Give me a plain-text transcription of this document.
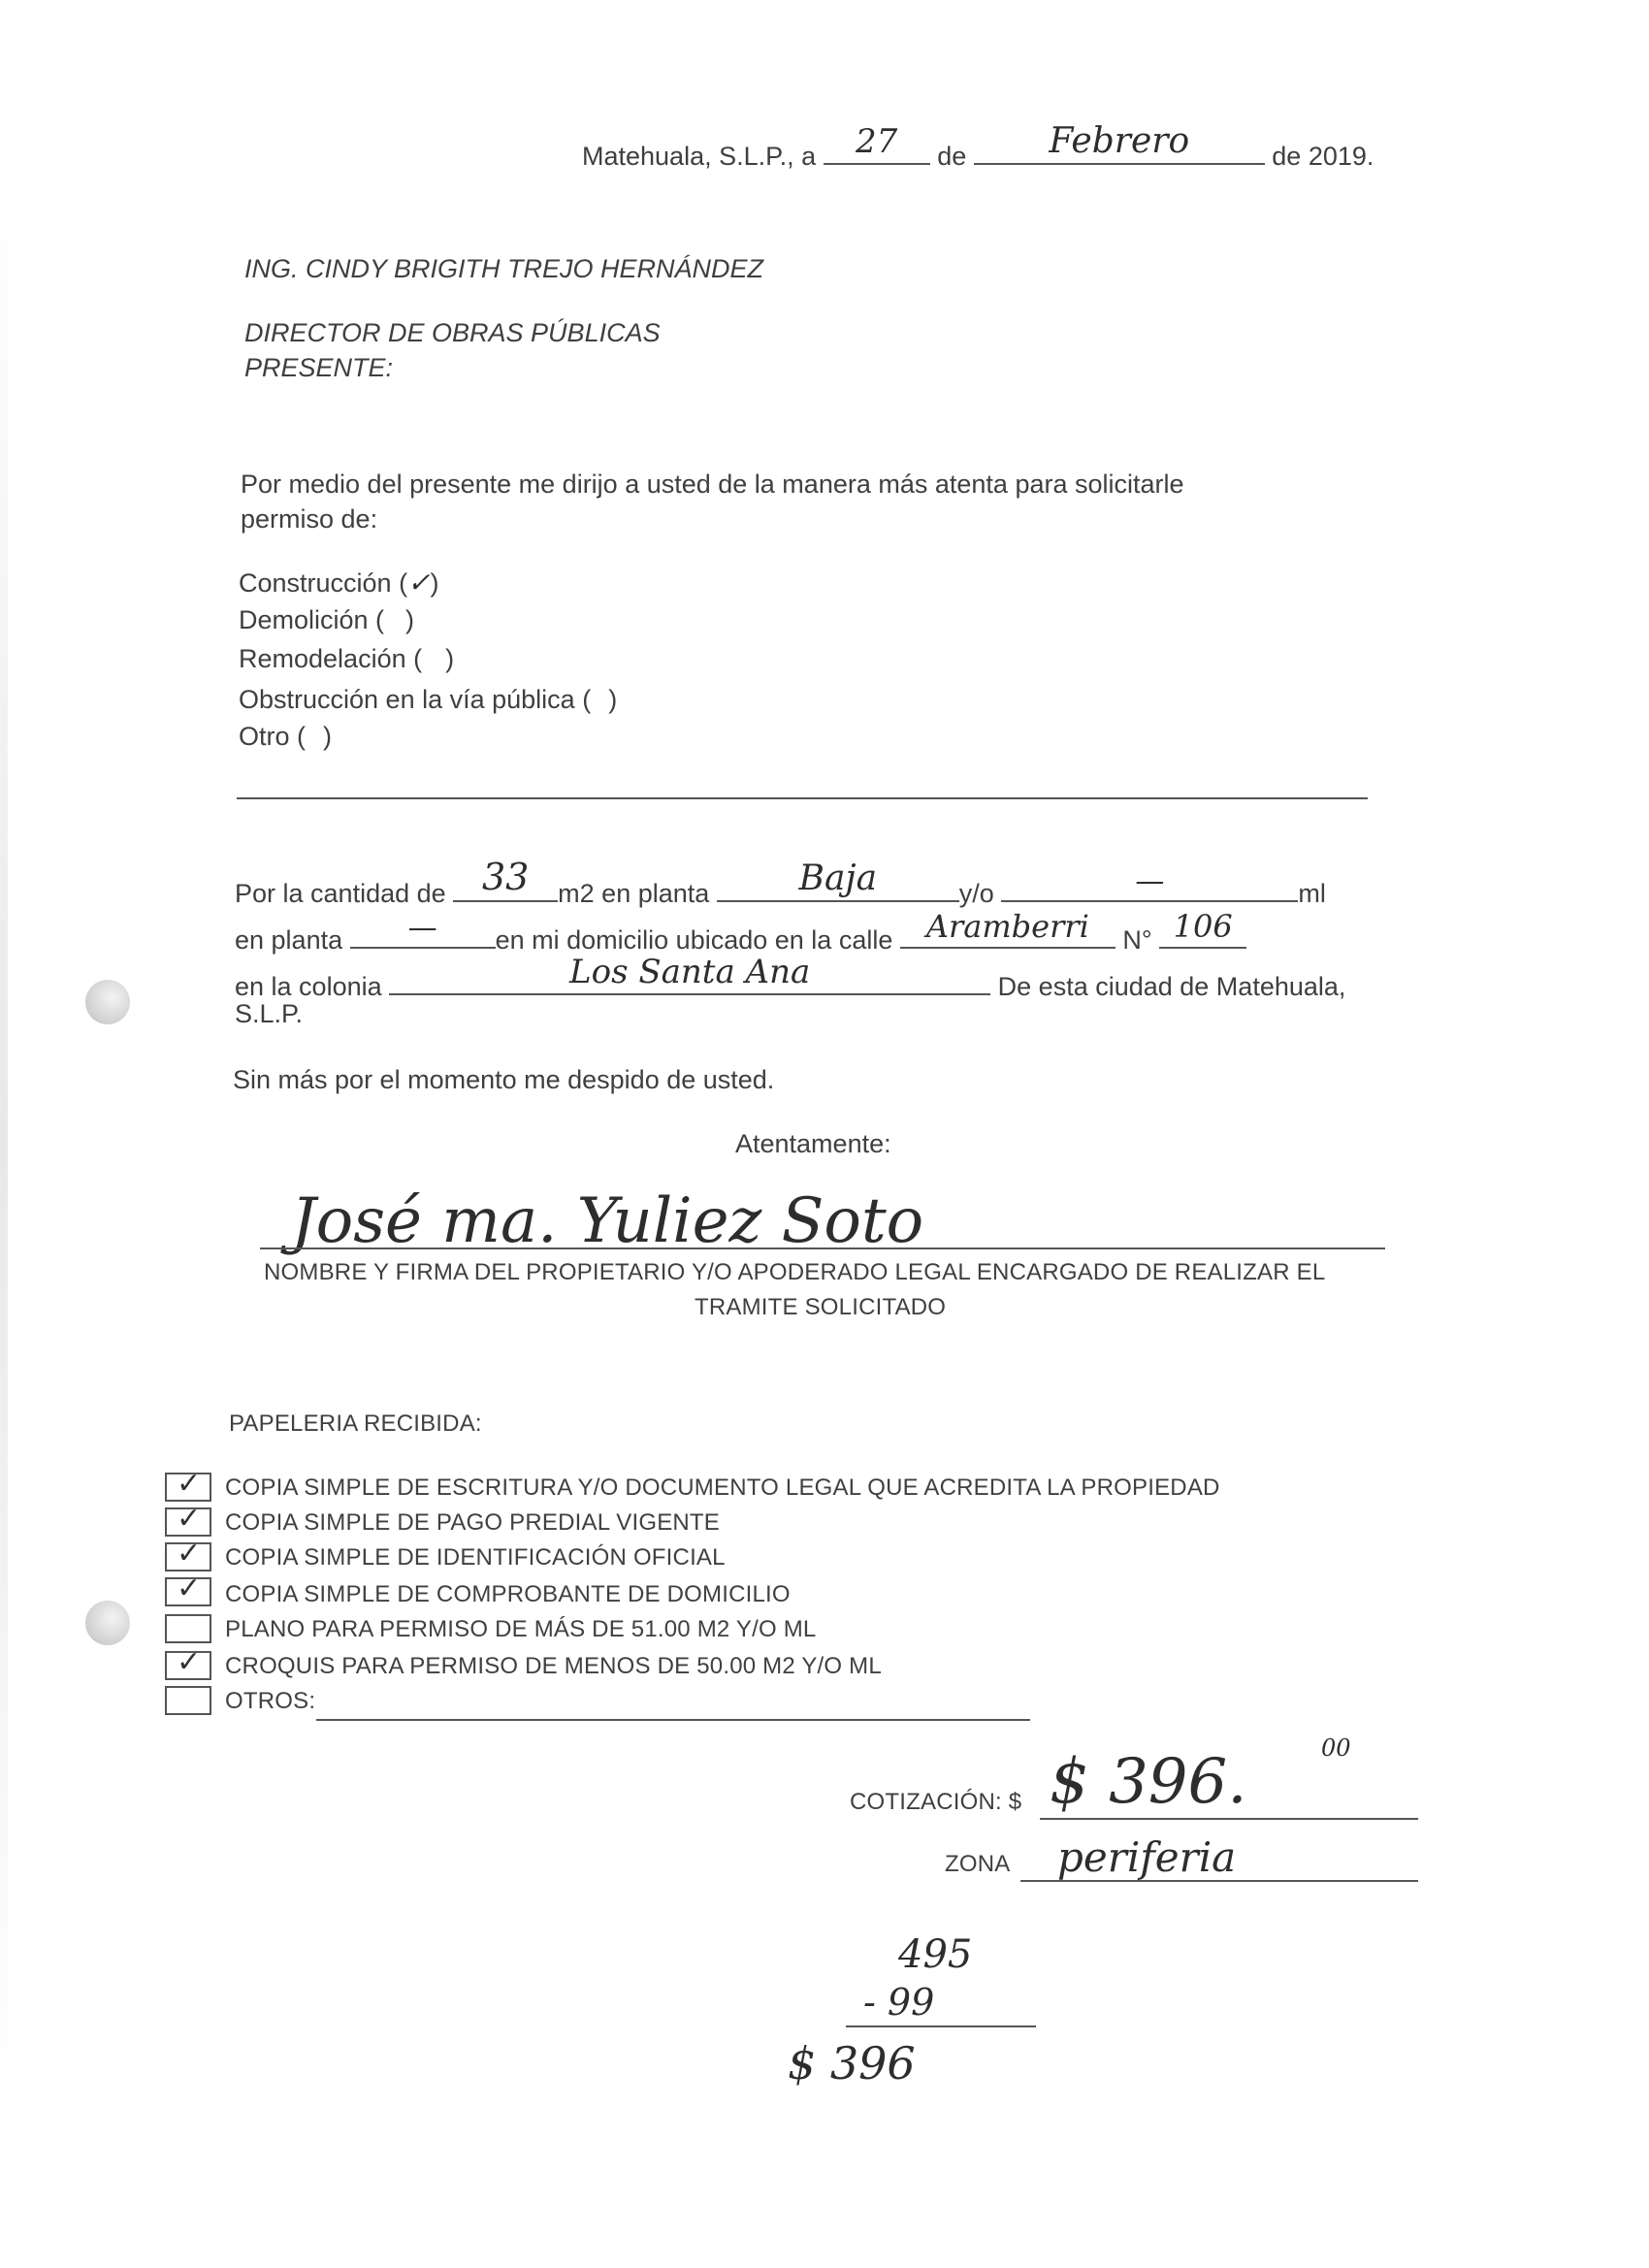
Matehuala, S.L.P., a	27	de	Febrero	de 2019.
ING. CINDY BRIGITH TREJO HERNÁNDEZ
DIRECTOR DE OBRAS PÚBLICAS
PRESENTE:
Por medio del presente me dirijo a usted de la manera más atenta para solicitarle
permiso de:
Construcción (✓)
Demolición ( )
Remodelación ( )
Obstrucción en la vía pública ( )
Otro ( )
Por la cantidad de 33	m2 en planta	Baja	y/o	—	ml
en planta	—	en mi domicilio ubicado en la calle	Aramberri	N° 106
en la colonia	Los Santa Ana	De esta ciudad de Matehuala,
S.L.P.
Sin más por el momento me despido de usted.
Atentamente:
José ma. Yuliez Soto
NOMBRE Y FIRMA DEL PROPIETARIO Y/O APODERADO LEGAL ENCARGADO DE REALIZAR EL
TRAMITE SOLICITADO
PAPELERIA RECIBIDA:
✓ COPIA SIMPLE DE ESCRITURA Y/O DOCUMENTO LEGAL QUE ACREDITA LA PROPIEDAD
✓ COPIA SIMPLE DE PAGO PREDIAL VIGENTE
✓ COPIA SIMPLE DE IDENTIFICACIÓN OFICIAL
✓ COPIA SIMPLE DE COMPROBANTE DE DOMICILIO
PLANO PARA PERMISO DE MÁS DE 51.00 M2 Y/O ML
✓ CROQUIS PARA PERMISO DE MENOS DE 50.00 M2 Y/O ML
OTROS:
COTIZACIÓN: $ $ 396.	00
ZONA periferia
495
- 99
$ 396
